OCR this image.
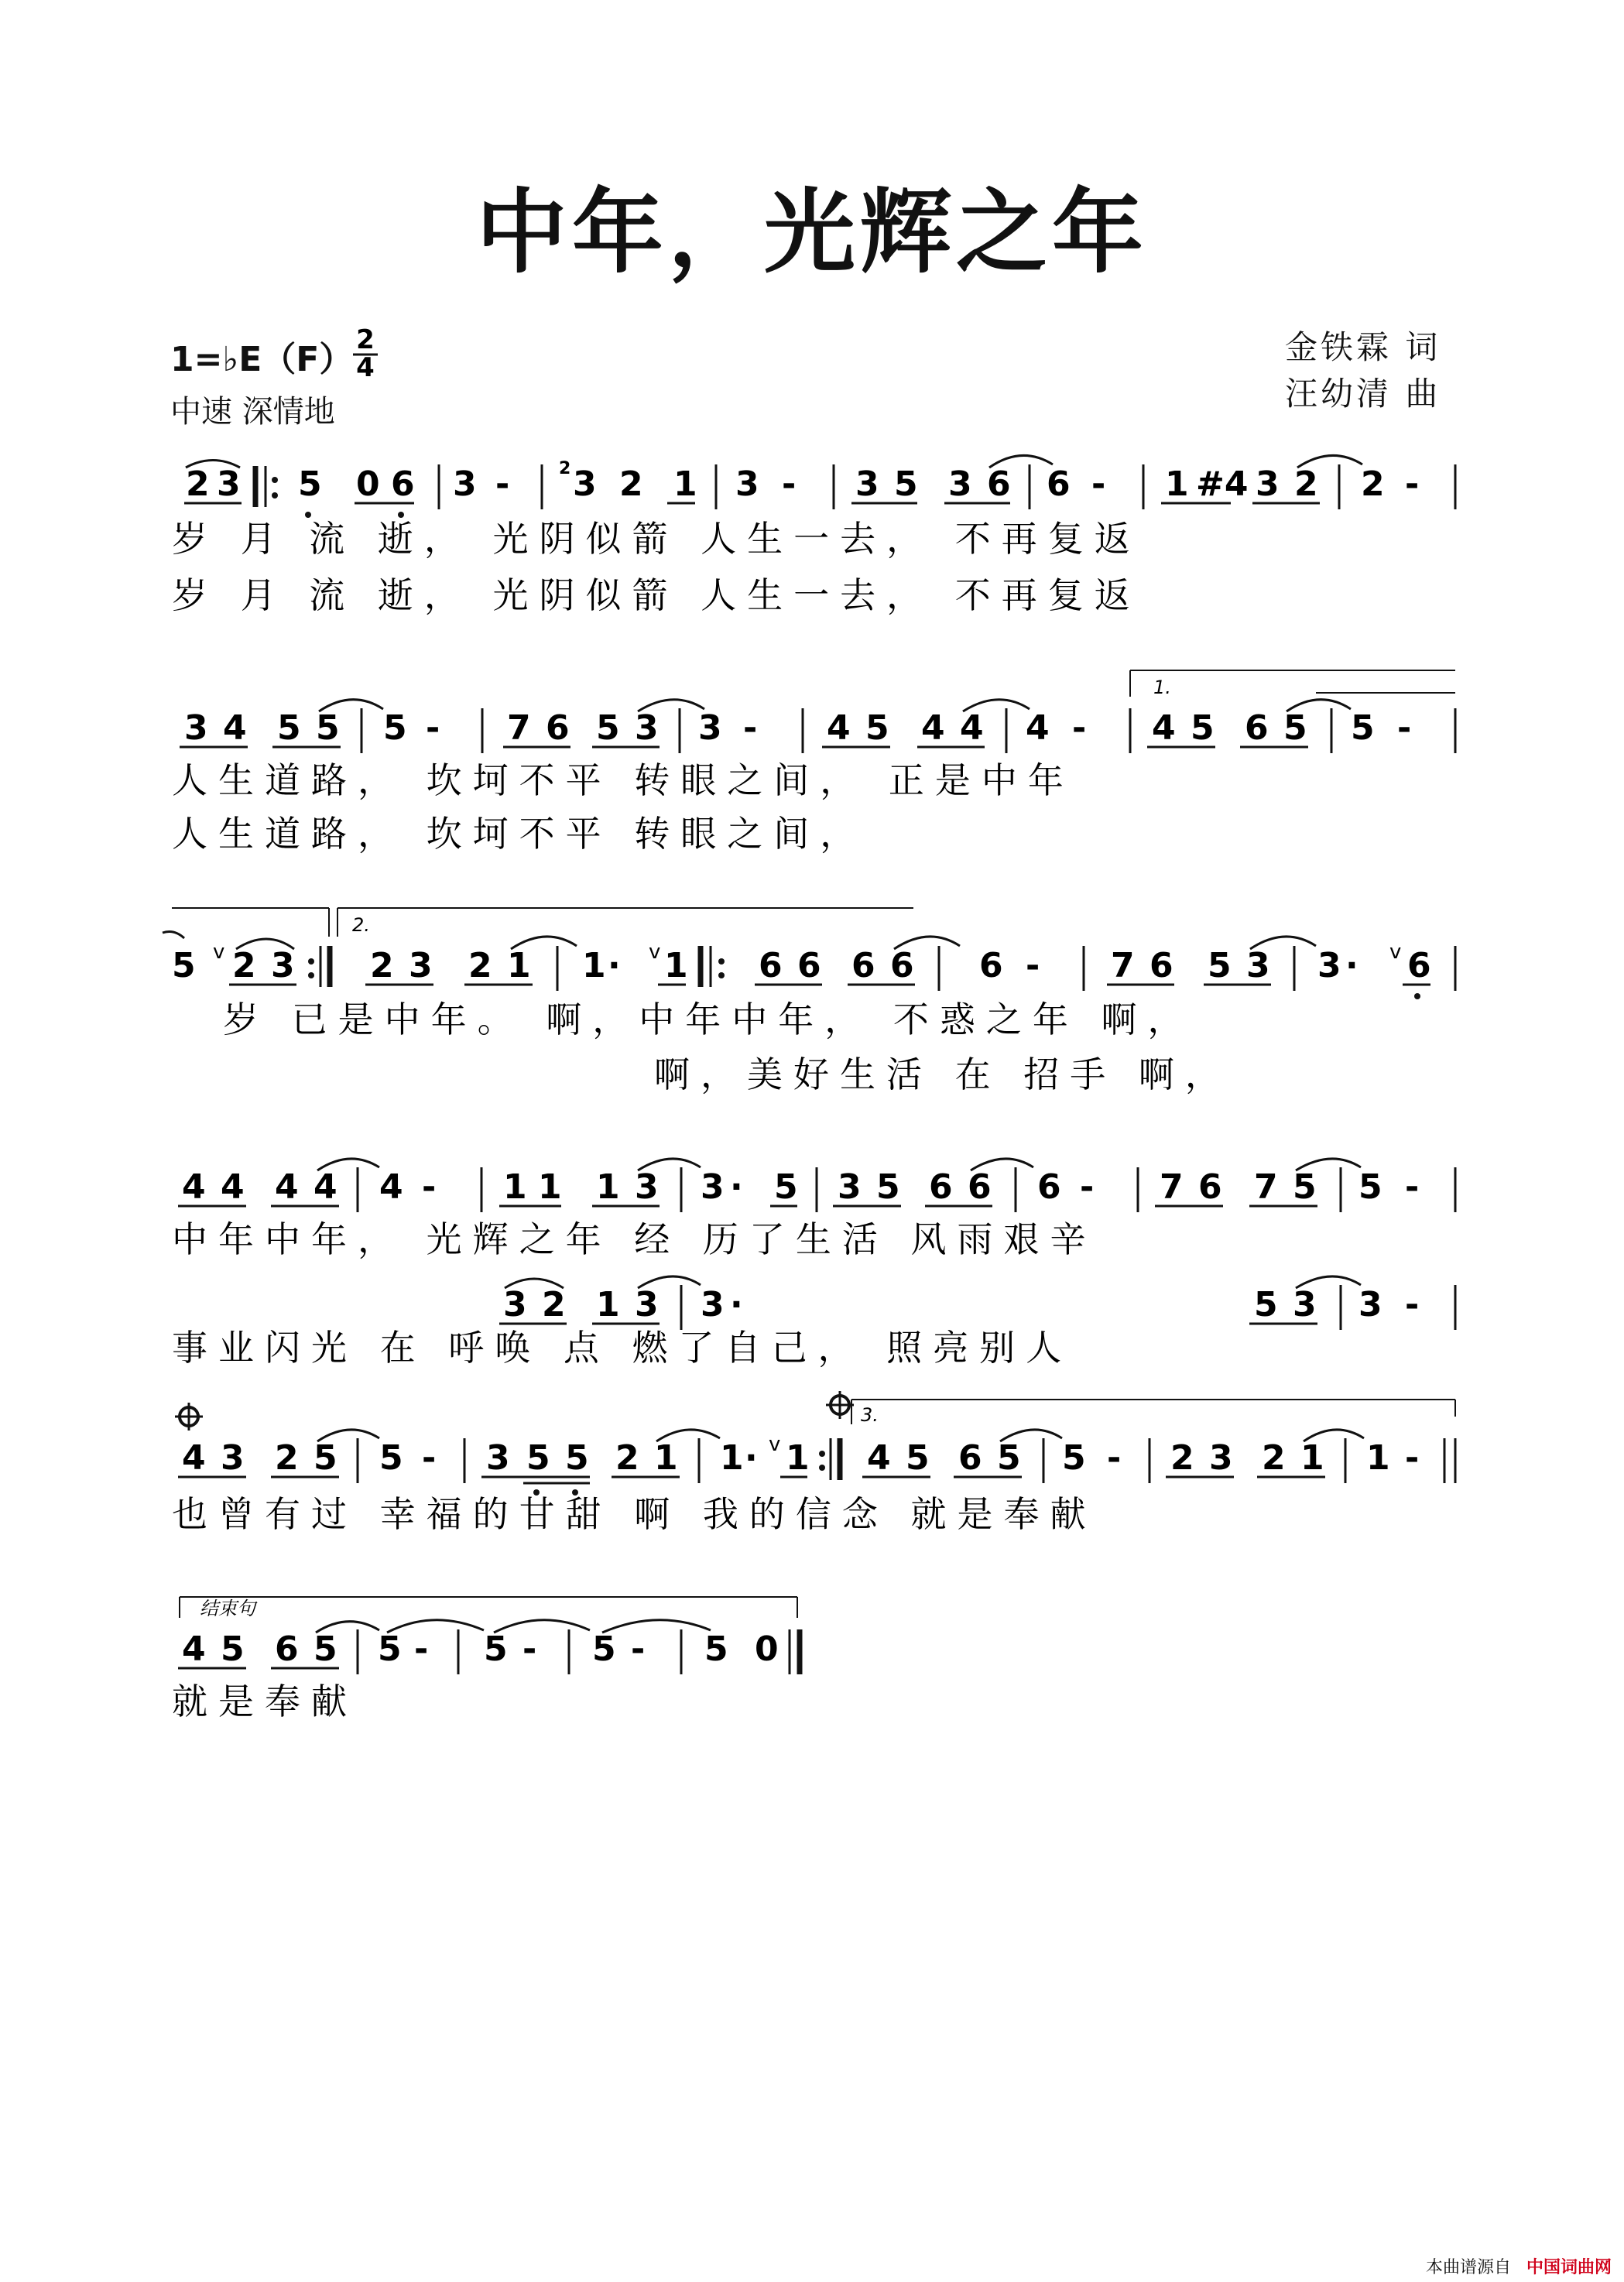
中年，光辉之年
1=♭E（F） 2
4
中速 深情地
金铁霖 词
汪幼清 曲
2 3 5 0 6 3 -	2 3 2 1 3 - 3 5 3 6 6 - 1 #4 3 2 2 -
1.
3 4 5 5 5 - 7 6 5 3 3 - 4 5 4 4 4 - 4 5 6 5 5 -
2.
5 v 2 3 2 3 2 1 1 · v 1 6 6 6 6 6 - 7 6 5 3 3 · v 6
4 4 4 4 4 - 1 1 1 3 3 · 5 3 5 6 6 6 - 7 6 7 5 5 -
3 2 1 3 3 ·	5 3 3 -
3.
4 3 2 5 5 - 3 5 5 2 1 1 · v 1 4 5 6 5 5 - 2 3 2 1 1 -
结束句
4 5 6 5 5 - 5 - 5 - 5 0
岁 月 流 逝， 光阴似箭 人生一去， 不再复返
岁 月 流 逝， 光阴似箭 人生一去， 不再复返
人生道路， 坎坷不平 转眼之间， 正是中年
人生道路， 坎坷不平 转眼之间，
岁 已是中年。 啊，中年中年， 不惑之年 啊，
啊，美好生活 在 招手 啊，
中年中年， 光辉之年 经 历了生活 风雨艰辛
事业闪光 在 呼唤 点 燃了自己， 照亮别人
也曾有过 幸福的甘甜 啊 我的信念 就是奉献
就是奉献
本曲谱源自 中国词曲网
